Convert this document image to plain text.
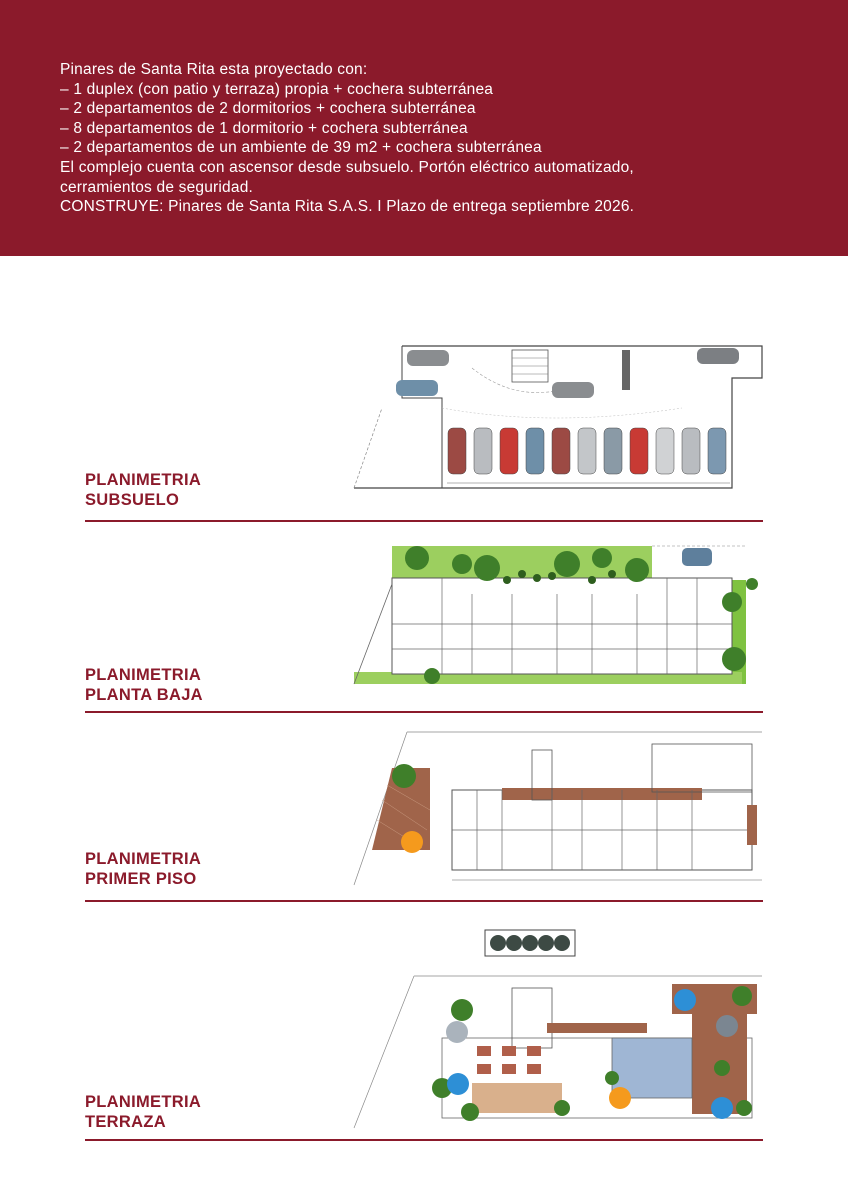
Pinares de Santa Rita esta proyectado con:
– 1 duplex (con patio y terraza) propia + cochera subterránea
– 2 departamentos de 2 dormitorios + cochera subterránea
– 8 departamentos de 1 dormitorio + cochera subterránea
– 2 departamentos de un ambiente de 39 m2 + cochera subterránea
El complejo cuenta con ascensor desde subsuelo. Portón eléctrico automatizado,
cerramientos de seguridad.
CONSTRUYE: Pinares de Santa Rita S.A.S. I Plazo de entrega septiembre 2026.
PLANIMETRIA
SUBSUELO
PLANIMETRIA
PLANTA BAJA
PLANIMETRIA
PRIMER PISO
PLANIMETRIA
TERRAZA
